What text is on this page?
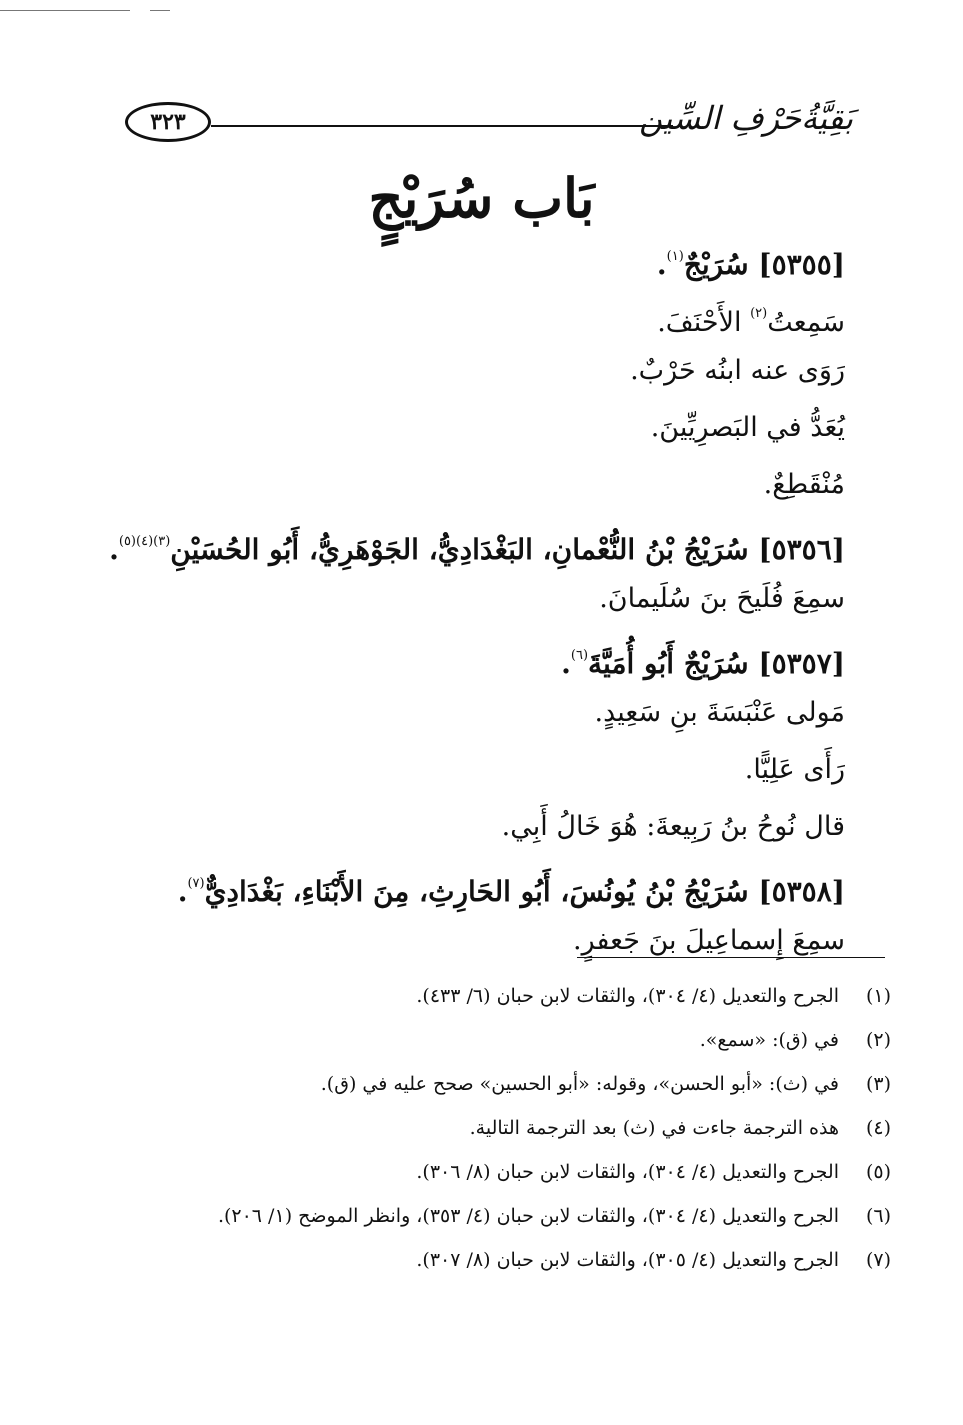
بَقِيَّةُحَرْفِ السِّين
٣٢٣
بَاب سُرَيْجٍ
[٥٣٥٥] سُرَيْجٌ$^{(١)}$.
سَمِعتُ$^{(٢)}$ الأَحْنَفَ.
رَوَى عنه ابنُه حَرْبٌ.
يُعَدُّ في البَصرِيِّينَ.
مُنْقَطِعٌ.
[٥٣٥٦] سُرَيْجُ بْنُ النُّعْمانِ، البَغْدَادِيُّ، الجَوْهَرِيُّ، أَبُو الحُسَيْنِ$^{(٣)(٤)(٥)}$.
سمِعَ فُلَيحَ بنَ سُلَيمانَ.
[٥٣٥٧] سُرَيْجٌ أَبُو أُمَيَّةَ$^{(٦)}$.
مَولى عَنْبَسَةَ بنِ سَعِيدٍ.
رَأَى عَلِيًّا.
قال نُوحُ بنُ رَبِيعةَ: هُوَ خَالُ أَبِي.
[٥٣٥٨] سُرَيْجُ بْنُ يُونُسَ، أَبُو الحَارِثِ، مِنَ الأَبْنَاءِ، بَغْدَادِيٌّ$^{(٧)}$.
سمِعَ إِسماعِيلَ بنَ جَعفرٍ.
(١)
الجرح والتعديل (٤/ ٣٠٤)، والثقات لابن حبان (٦/ ٤٣٣).
(٢)
في (ق): «سمع».
(٣)
في (ث): «أبو الحسن»، وقوله: «أبو الحسين» صحح عليه في (ق).
(٤)
هذه الترجمة جاءت في (ث) بعد الترجمة التالية.
(٥)
الجرح والتعديل (٤/ ٣٠٤)، والثقات لابن حبان (٨/ ٣٠٦).
(٦)
الجرح والتعديل (٤/ ٣٠٤)، والثقات لابن حبان (٤/ ٣٥٣)، وانظر الموضح (١/ ٢٠٦).
(٧)
الجرح والتعديل (٤/ ٣٠٥)، والثقات لابن حبان (٨/ ٣٠٧).
